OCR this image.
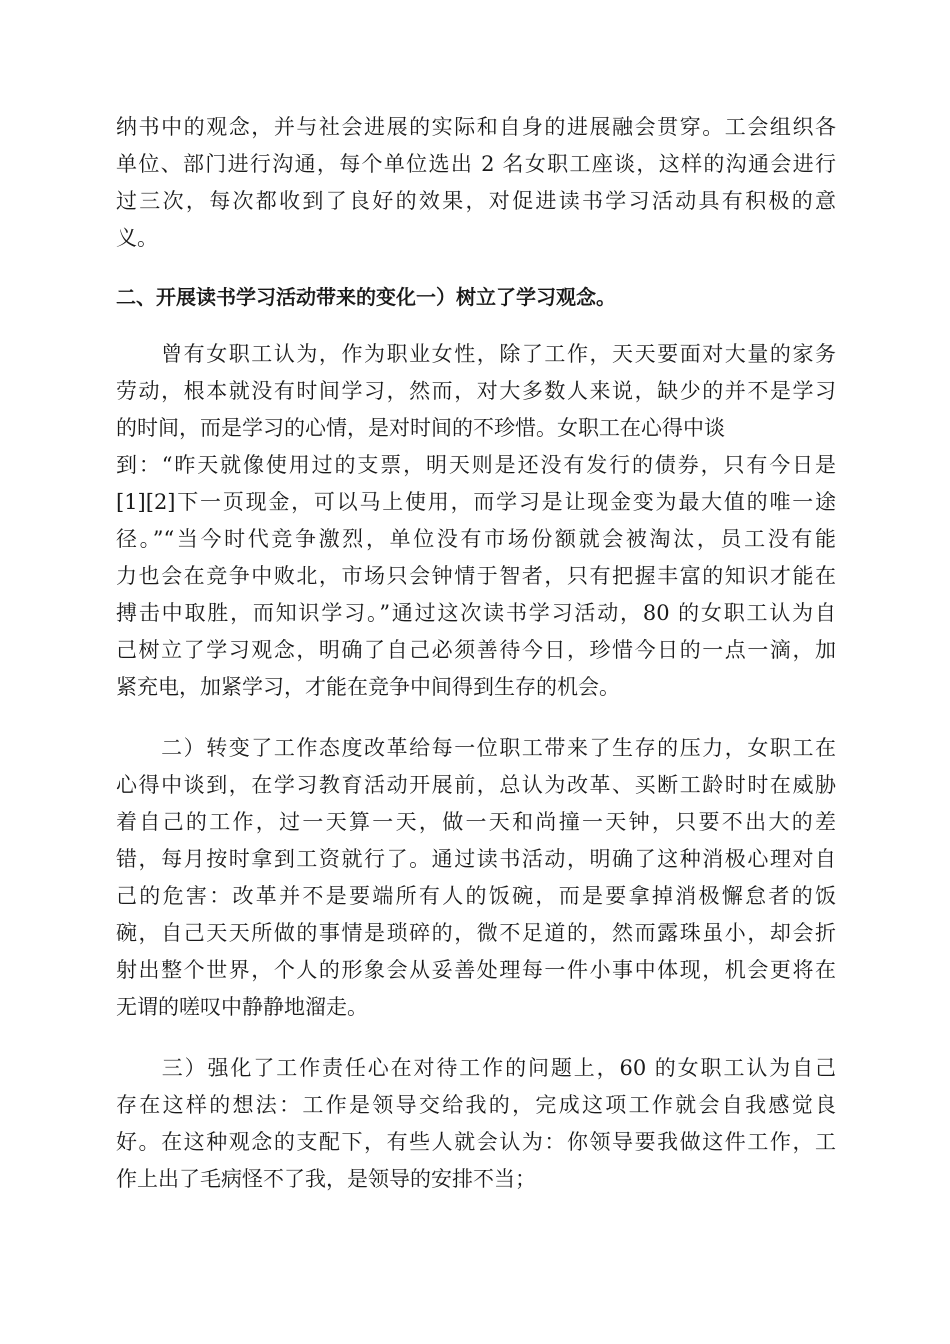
纳书中的观念，并与社会进展的实际和自身的进展融会贯穿。工会组织各
单位、部门进行沟通，每个单位选出 2 名女职工座谈，这样的沟通会进行
过三次，每次都收到了良好的效果，对促进读书学习活动具有积极的意
义。
二、开展读书学习活动带来的变化一）树立了学习观念。
　　曾有女职工认为，作为职业女性，除了工作，天天要面对大量的家务
劳动，根本就没有时间学习，然而，对大多数人来说，缺少的并不是学习
的时间，而是学习的心情，是对时间的不珍惜。女职工在心得中谈
到：“昨天就像使用过的支票，明天则是还没有发行的债券，只有今日是
[1][2]下一页现金，可以马上使用，而学习是让现金变为最大值的唯一途
径。”“当今时代竞争激烈，单位没有市场份额就会被淘汰，员工没有能
力也会在竞争中败北，市场只会钟情于智者，只有把握丰富的知识才能在
搏击中取胜，而知识学习。”通过这次读书学习活动，80 的女职工认为自
己树立了学习观念，明确了自己必须善待今日，珍惜今日的一点一滴，加
紧充电，加紧学习，才能在竞争中间得到生存的机会。
　　二）转变了工作态度改革给每一位职工带来了生存的压力，女职工在
心得中谈到，在学习教育活动开展前，总认为改革、买断工龄时时在威胁
着自己的工作，过一天算一天，做一天和尚撞一天钟，只要不出大的差
错，每月按时拿到工资就行了。通过读书活动，明确了这种消极心理对自
己的危害：改革并不是要端所有人的饭碗，而是要拿掉消极懈怠者的饭
碗，自己天天所做的事情是琐碎的，微不足道的，然而露珠虽小，却会折
射出整个世界，个人的形象会从妥善处理每一件小事中体现，机会更将在
无谓的嗟叹中静静地溜走。
　　三）强化了工作责任心在对待工作的问题上，60 的女职工认为自己
存在这样的想法：工作是领导交给我的，完成这项工作就会自我感觉良
好。在这种观念的支配下，有些人就会认为：你领导要我做这件工作，工
作上出了毛病怪不了我，是领导的安排不当；
